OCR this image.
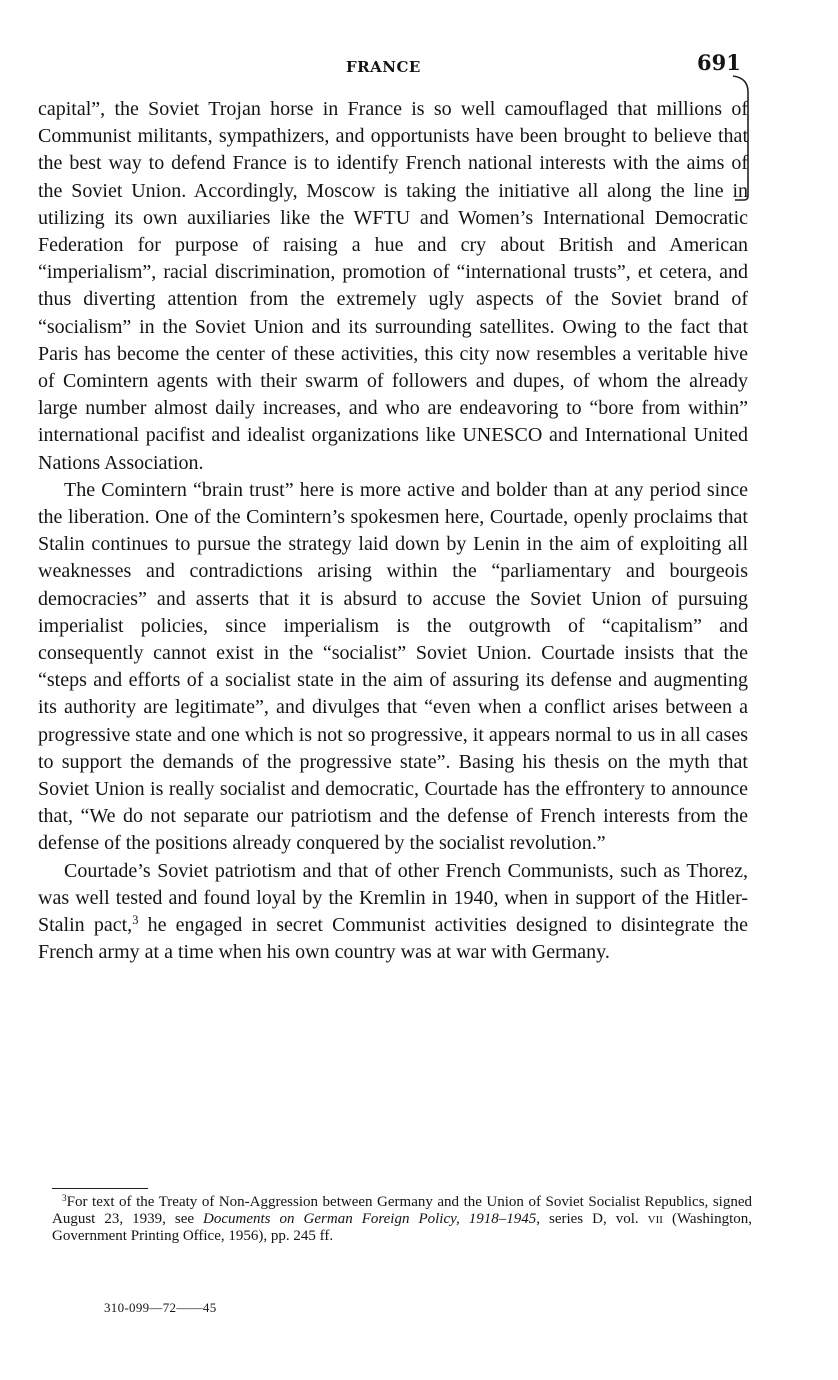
FRANCE	691

capital”, the Soviet Trojan horse in France is so well camouflaged that millions of Communist militants, sympathizers, and opportunists have been brought to believe that the best way to defend France is to identify French national interests with the aims of the Soviet Union. Accordingly, Moscow is taking the initiative all along the line in utilizing its own auxiliaries like the WFTU and Women’s International Democratic Federation for purpose of raising a hue and cry about British and American “imperialism”, racial discrimination, promotion of “international trusts”, et cetera, and thus diverting attention from the extremely ugly aspects of the Soviet brand of “socialism” in the Soviet Union and its surrounding satellites. Owing to the fact that Paris has become the center of these activities, this city now resembles a veritable hive of Comintern agents with their swarm of followers and dupes, of whom the already large number almost daily increases, and who are endeavoring to “bore from within” international pacifist and idealist organizations like UNESCO and International United Nations Association.

The Comintern “brain trust” here is more active and bolder than at any period since the liberation. One of the Comintern’s spokesmen here, Courtade, openly proclaims that Stalin continues to pursue the strategy laid down by Lenin in the aim of exploiting all weaknesses and contradictions arising within the “parliamentary and bourgeois democracies” and asserts that it is absurd to accuse the Soviet Union of pursuing imperialist policies, since imperialism is the outgrowth of “capitalism” and consequently cannot exist in the “socialist” Soviet Union. Courtade insists that the “steps and efforts of a socialist state in the aim of assuring its defense and augmenting its authority are legitimate”, and divulges that “even when a conflict arises between a progressive state and one which is not so progressive, it appears normal to us in all cases to support the demands of the progressive state”. Basing his thesis on the myth that Soviet Union is really socialist and democratic, Courtade has the effrontery to announce that, “We do not separate our patriotism and the defense of French interests from the defense of the positions already conquered by the socialist revolution.”

Courtade’s Soviet patriotism and that of other French Communists, such as Thorez, was well tested and found loyal by the Kremlin in 1940, when in support of the Hitler-Stalin pact,$^3$ he engaged in secret Communist activities designed to disintegrate the French army at a time when his own country was at war with Germany.

$^3$For text of the Treaty of Non-Aggression between Germany and the Union of Soviet Socialist Republics, signed August 23, 1939, see Documents on German Foreign Policy, 1918–1945, series D, vol. vii (Washington, Government Printing Office, 1956), pp. 245 ff.

310-099—72——45
